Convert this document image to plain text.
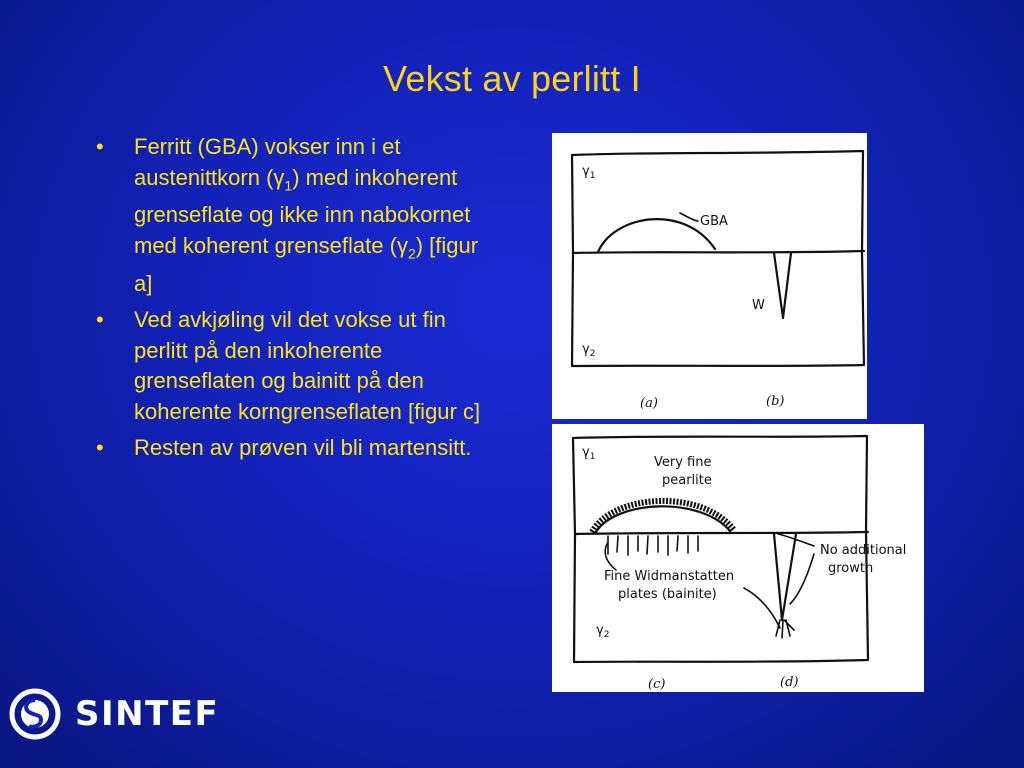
Vekst av perlitt I
• Ferritt (GBA) vokser inn i et austenittkorn $(\gamma_1)$ med inkoherent grenseflate og ikke inn nabokornet med koherent grenseflate $(\gamma_2)$ [figur a]
• Ved avkjøling vil det vokse ut fin perlitt på den inkoherente grenseflaten og bainitt på den koherente korngrenseflaten [figur c]
• Resten av prøven vil bli martensitt.
$\gamma_1$
$\gamma_2$
GBA
W
(a)	(b)
$\gamma_1$
$\gamma_2$
Very fine
pearlite
No additional
growth
Fine Widmanstatten
plates (bainite)
(c)	(d)
SINTEF
